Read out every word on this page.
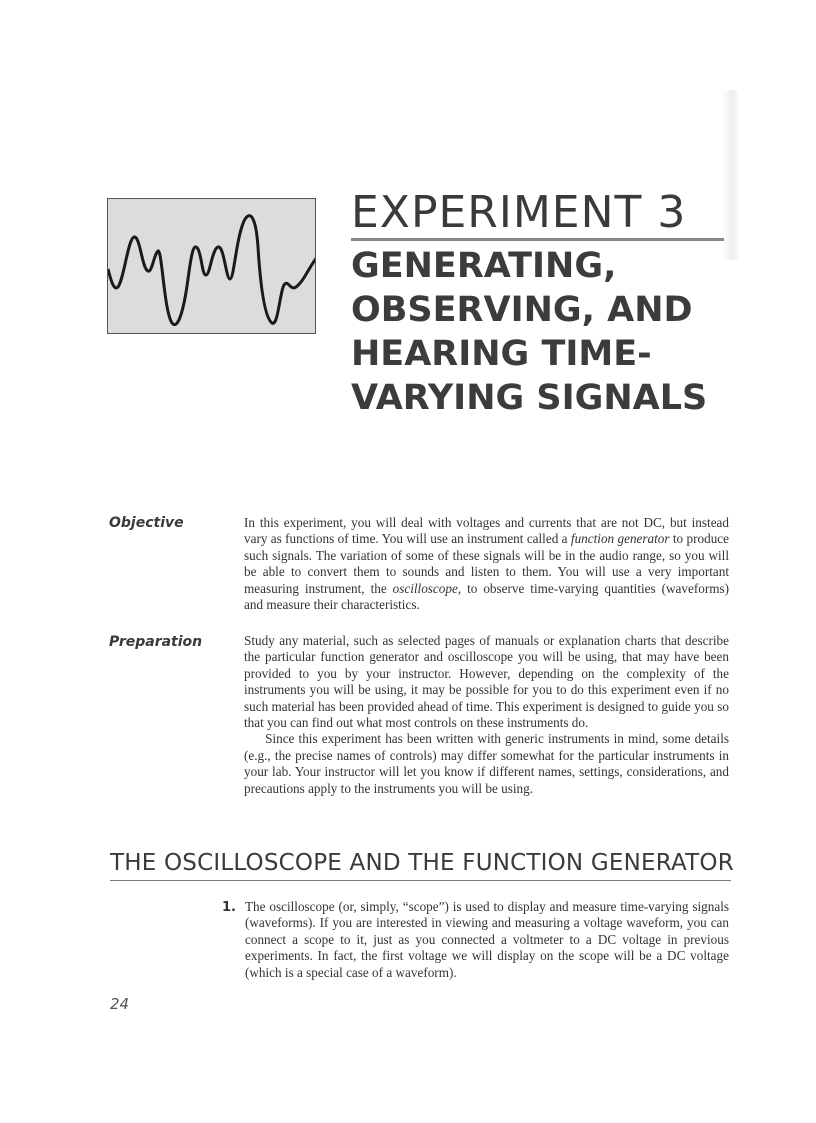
EXPERIMENT 3
GENERATING, OBSERVING, AND HEARING TIME-VARYING SIGNALS
Objective	In this experiment, you will deal with voltages and currents that are not DC, but instead vary as functions of time. You will use an instrument called a function generator to produce such signals. The variation of some of these signals will be in the audio range, so you will be able to convert them to sounds and listen to them. You will use a very important measuring instrument, the oscilloscope, to observe time-varying quantities (waveforms) and measure their characteristics.

Preparation	Study any material, such as selected pages of manuals or explanation charts that describe the particular function generator and oscilloscope you will be using, that may have been provided to you by your instructor. However, depending on the complexity of the instruments you will be using, it may be possible for you to do this experiment even if no such material has been provided ahead of time. This experiment is designed to guide you so that you can find out what most controls on these instruments do.

Since this experiment has been written with generic instruments in mind, some details (e.g., the precise names of controls) may differ somewhat for the particular instruments in your lab. Your instructor will let you know if different names, settings, considerations, and precautions apply to the instruments you will be using.

THE OSCILLOSCOPE AND THE FUNCTION GENERATOR
1. The oscilloscope (or, simply, “scope”) is used to display and measure time-varying signals (waveforms). If you are interested in viewing and measuring a voltage waveform, you can connect a scope to it, just as you connected a voltmeter to a DC voltage in previous experiments. In fact, the first voltage we will display on the scope will be a DC voltage (which is a special case of a waveform).
24
